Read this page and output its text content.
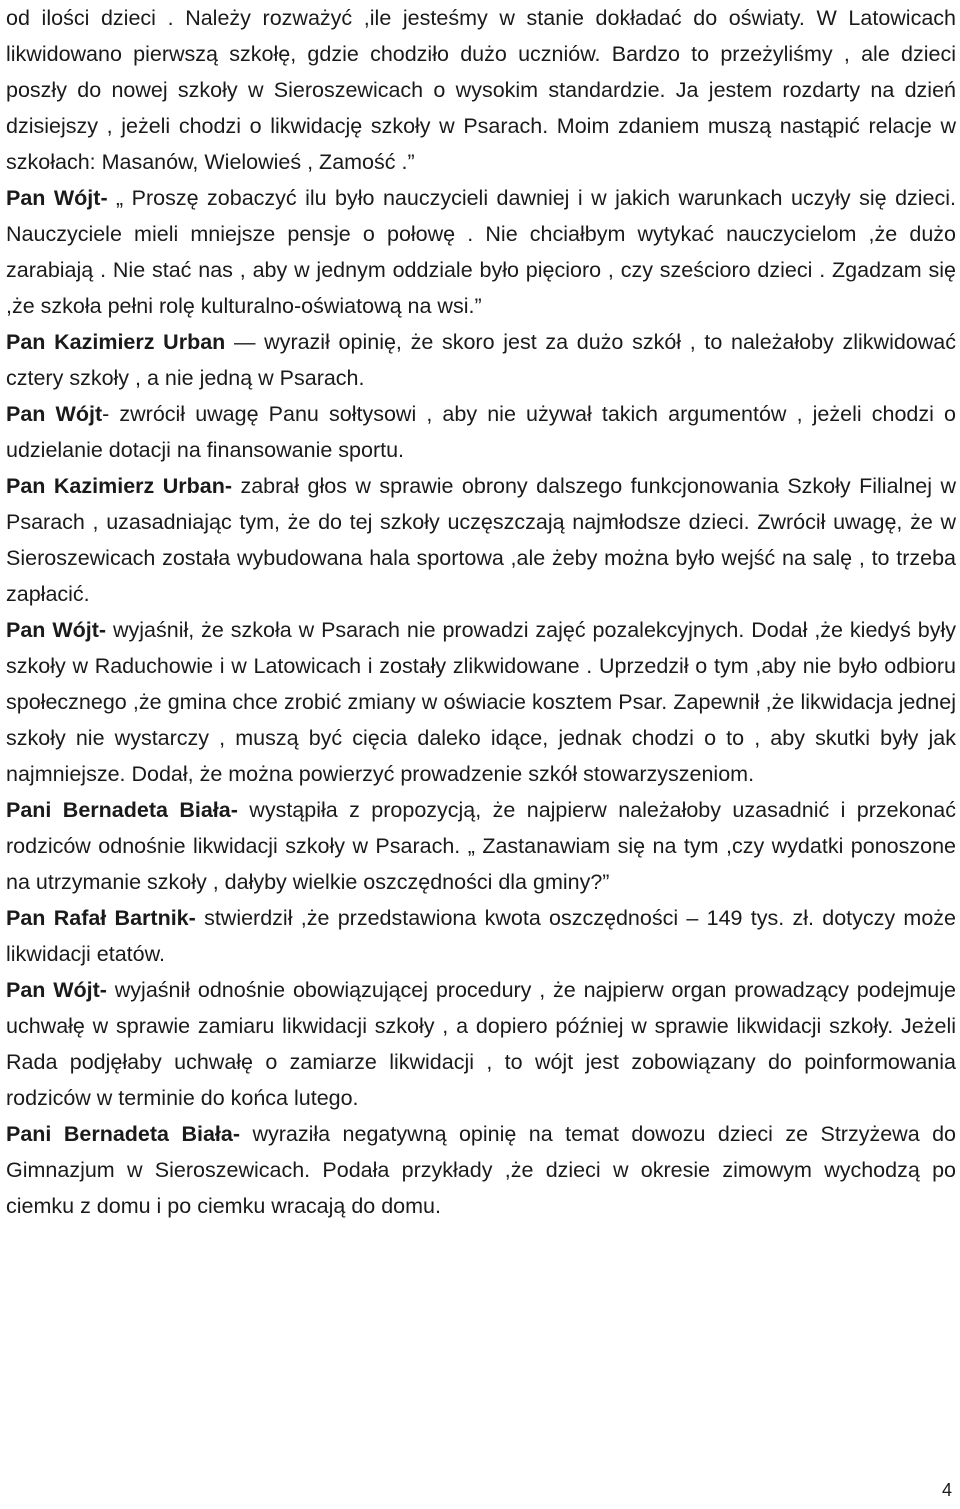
od ilości dzieci . Należy rozważyć ,ile jesteśmy w stanie dokładać do oświaty. W Latowicach likwidowano pierwszą szkołę, gdzie chodziło dużo uczniów. Bardzo to przeżyliśmy , ale dzieci poszły do nowej szkoły w Sieroszewicach o wysokim standardzie. Ja jestem rozdarty na dzień dzisiejszy , jeżeli chodzi o likwidację szkoły w Psarach. Moim zdaniem muszą nastąpić relacje w szkołach: Masanów, Wielowieś , Zamość .”

Pan Wójt- „ Proszę zobaczyć ilu było nauczycieli dawniej i w jakich warunkach uczyły się dzieci. Nauczyciele mieli mniejsze pensje o połowę . Nie chciałbym wytykać nauczycielom ,że dużo zarabiają . Nie stać nas , aby w jednym oddziale było pięcioro , czy sześcioro dzieci . Zgadzam się ,że szkoła pełni rolę kulturalno-oświatową na wsi.”

Pan Kazimierz Urban — wyraził opinię, że skoro jest za dużo szkół , to należałoby zlikwidować cztery szkoły , a nie jedną w Psarach.

Pan Wójt- zwrócił uwagę Panu sołtysowi , aby nie używał takich argumentów , jeżeli chodzi o udzielanie dotacji na finansowanie sportu.

Pan Kazimierz Urban- zabrał głos w sprawie obrony dalszego funkcjonowania Szkoły Filialnej w Psarach , uzasadniając tym, że do tej szkoły uczęszczają najmłodsze dzieci. Zwrócił uwagę, że w Sieroszewicach została wybudowana hala sportowa ,ale żeby można było wejść na salę , to trzeba zapłacić.

Pan Wójt- wyjaśnił, że szkoła w Psarach nie prowadzi zajęć pozalekcyjnych. Dodał ,że kiedyś były szkoły w Raduchowie i w Latowicach i zostały zlikwidowane . Uprzedził o tym ,aby nie było odbioru społecznego ,że gmina chce zrobić zmiany w oświacie kosztem Psar. Zapewnił ,że likwidacja jednej szkoły nie wystarczy , muszą być cięcia daleko idące, jednak chodzi o to , aby skutki były jak najmniejsze. Dodał, że można powierzyć prowadzenie szkół stowarzyszeniom.

Pani Bernadeta Biała- wystąpiła z propozycją, że najpierw należałoby uzasadnić i przekonać rodziców odnośnie likwidacji szkoły w Psarach. „ Zastanawiam się na tym ,czy wydatki ponoszone na utrzymanie szkoły , dałyby wielkie oszczędności dla gminy?”

Pan Rafał Bartnik- stwierdził ,że przedstawiona kwota oszczędności – 149 tys. zł. dotyczy może likwidacji etatów.

Pan Wójt- wyjaśnił odnośnie obowiązującej procedury , że najpierw organ prowadzący podejmuje uchwałę w sprawie zamiaru likwidacji szkoły , a dopiero później w sprawie likwidacji szkoły. Jeżeli Rada podjęłaby uchwałę o zamiarze likwidacji , to wójt jest zobowiązany do poinformowania rodziców w terminie do końca lutego.

Pani Bernadeta Biała- wyraziła negatywną opinię na temat dowozu dzieci ze Strzyżewa do Gimnazjum w Sieroszewicach. Podała przykłady ,że dzieci w okresie zimowym wychodzą po ciemku z domu i po ciemku wracają do domu.

4
